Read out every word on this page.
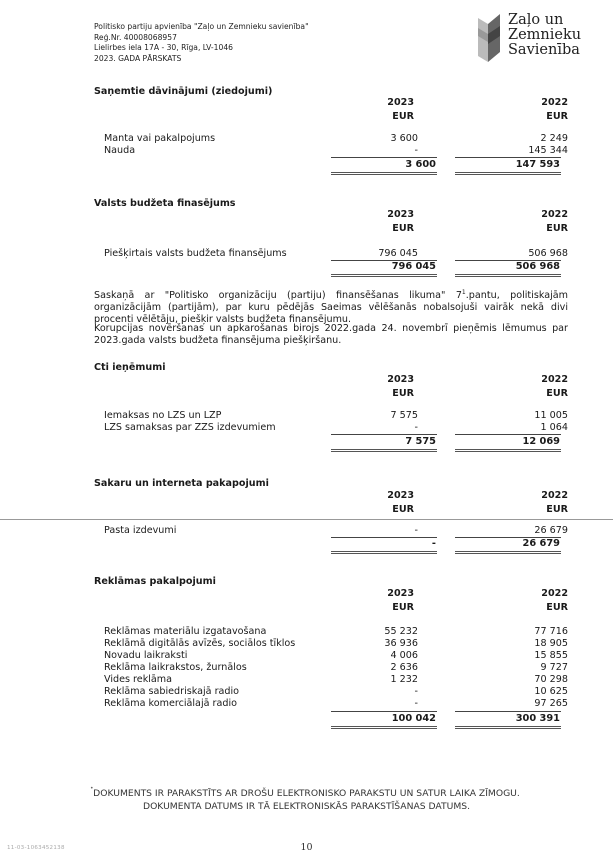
Politisko partiju apvienība "Zaļo un Zemnieku savienība"
Reģ.Nr. 40008068957
Lielirbes iela 17A - 30, Rīga, LV-1046
2023. GADA PĀRSKATS
Zaļo un
Zemnieku
Savienība
Saņemtie dāvinājumi (ziedojumi)
2023
EUR
2022
EUR
Manta vai pakalpojums	3 600	2 249
Nauda	-	145 344
3 600	147 593
Valsts budžeta finasējums
2023
EUR
2022
EUR
Piešķirtais valsts budžeta finansējums	796 045	506 968
796 045	506 968
Saskaņā ar "Politisko organizāciju (partiju) finansēšanas likuma" $7^1.pantu$, politiskajām organizācijām (partijām), par kuru pēdējās Saeimas vēlēšanās nobalsojuši vairāk nekā divi procenti vēlētāju, piešķir valsts budžeta finansējumu.
Korupcijas novēršanas un apkarošanas birojs 2022.gada 24. novembrī pieņēmis lēmumus par 2023.gada valsts budžeta finansējuma piešķiršanu.
Cti ieņēmumi
2023
EUR
2022
EUR
Iemaksas no LZS un LZP	7 575	11 005
LZS samaksas par ZZS izdevumiem	-	1 064
7 575	12 069
Sakaru un interneta pakapojumi
2023
EUR
2022
EUR
Pasta izdevumi	-	26 679
-	26 679
Reklāmas pakalpojumi
2023
EUR
2022
EUR
Reklāmas materiālu izgatavošana	55 232	77 716
Reklāmā digitālās avīzēs, sociālos tīklos	36 936	18 905
Novadu laikraksti	4 006	15 855
Reklāma laikrakstos, žurnālos	2 636	9 727
Vides reklāma	1 232	70 298
Reklāma sabiedriskajā radio	-	10 625
Reklāma komerciālajā radio	-	97 265
100 042	300 391
• DOKUMENTS IR PARAKSTĪTS AR DROŠU ELEKTRONISKO PARAKSTU UN SATUR LAIKA ZĪMOGU.
DOKUMENTA DATUMS IR TĀ ELEKTRONISKĀS PARAKSTĪŠANAS DATUMS.
11-03-1063452138	10
